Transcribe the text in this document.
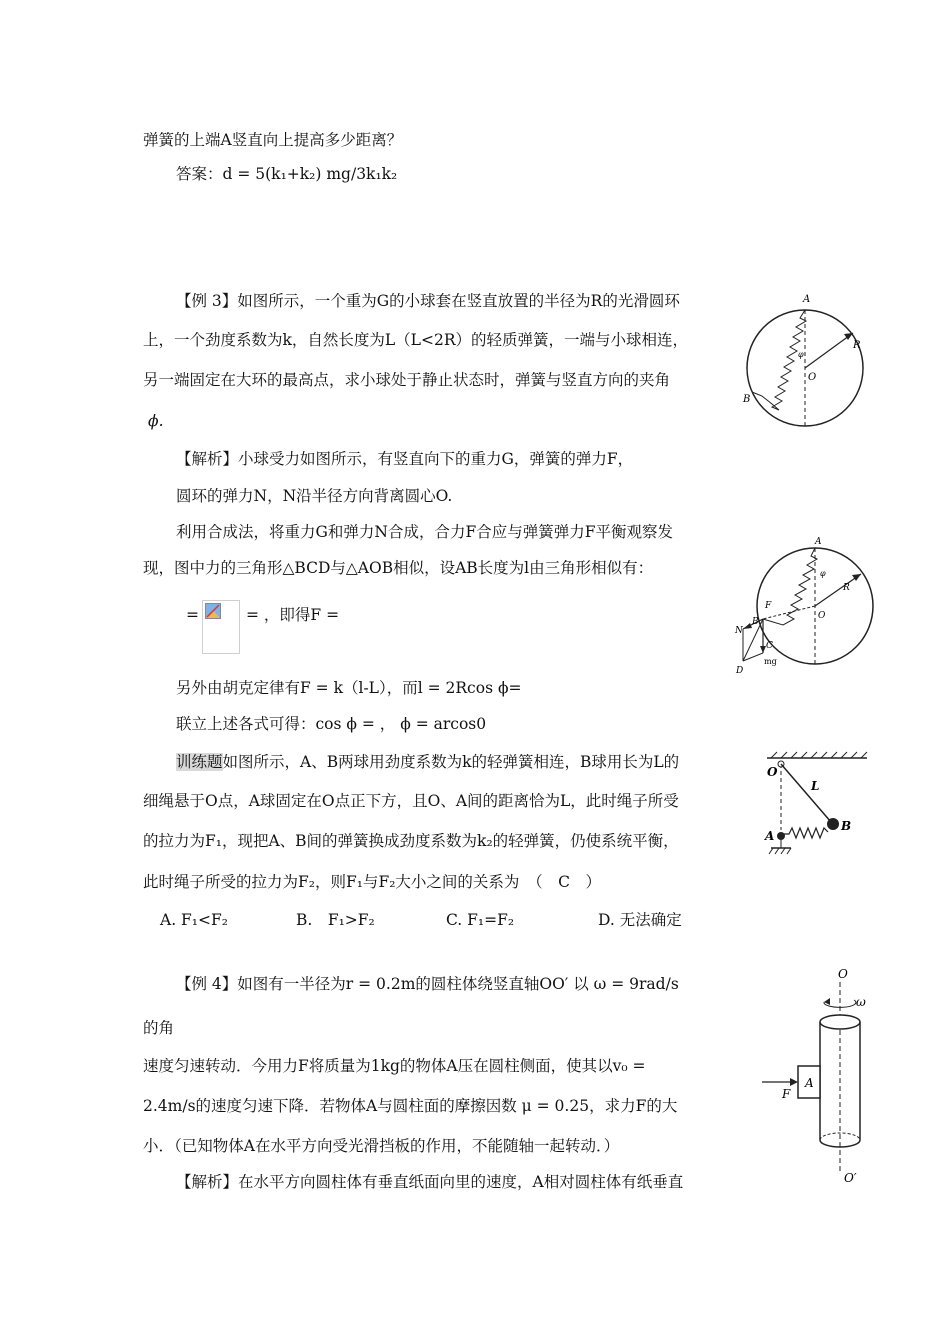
弹簧的上端A竖直向上提高多少距离？
答案：d = 5(k₁+k₂) mg/3k₁k₂
【例 3】如图所示，一个重为G的小球套在竖直放置的半径为R的光滑圆环
上，一个劲度系数为k，自然长度为L（L<2R）的轻质弹簧，一端与小球相连，
另一端固定在大环的最高点，求小球处于静止状态时，弹簧与竖直方向的夹角
ϕ.
【解析】小球受力如图所示，有竖直向下的重力G，弹簧的弹力F，
圆环的弹力N，N沿半径方向背离圆心O.
利用合成法，将重力G和弹力N合成，合力F合应与弹簧弹力F平衡观察发
现，图中力的三角形△BCD与△AOB相似，设AB长度为l由三角形相似有：
=	= ，即得F =
另外由胡克定律有F = k（l-L），而l = 2Rcos ϕ=
联立上述各式可得：cos ϕ = ， ϕ = arcos0
训练题如图所示，A、B两球用劲度系数为k的轻弹簧相连，B球用长为L的
细绳悬于O点，A球固定在O点正下方，且O、A间的距离恰为L，此时绳子所受
的拉力为F₁，现把A、B间的弹簧换成劲度系数为k₂的轻弹簧，仍使系统平衡，
此时绳子所受的拉力为F₂，则F₁与F₂大小之间的关系为　（　C　）
A. F₁<F₂	B.　F₁>F₂	C. F₁=F₂	D. 无法确定
【例 4】如图有一半径为r = 0.2m的圆柱体绕竖直轴OO′ 以 ω = 9rad/s
的角
速度匀速转动．今用力F将质量为1kg的物体A压在圆柱侧面，使其以v₀ =
2.4m/s的速度匀速下降．若物体A与圆柱面的摩擦因数 μ = 0.25，求力F的大
小．（已知物体A在水平方向受光滑挡板的作用，不能随轴一起转动．）
【解析】在水平方向圆柱体有垂直纸面向里的速度，A相对圆柱体有纸垂直
A
B
O
R
φ
A
B
O
R
φ
F
N
C
D
mg
O
L
A
B
O
ω
A
F
O′
